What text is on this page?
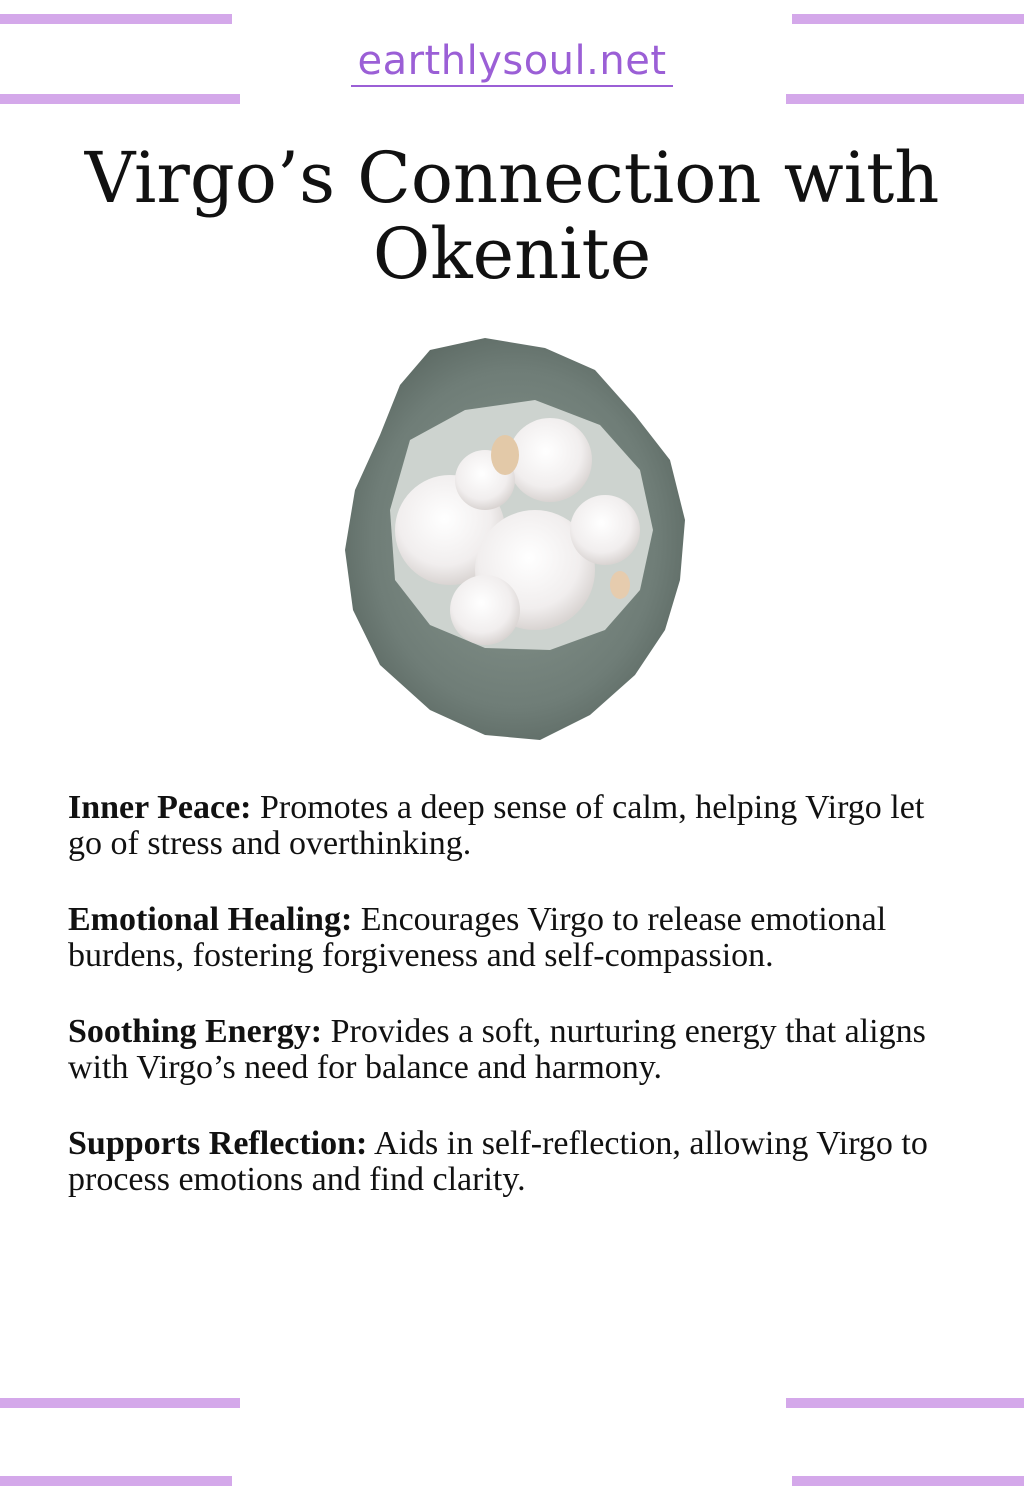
earthlysoul.net
Virgo’s Connection with
Okenite

Inner Peace: Promotes a deep sense of calm, helping Virgo let go of stress and overthinking.

Emotional Healing: Encourages Virgo to release emotional burdens, fostering forgiveness and self-compassion.

Soothing Energy: Provides a soft, nurturing energy that aligns with Virgo’s need for balance and harmony.

Supports Reflection: Aids in self-reflection, allowing Virgo to process emotions and find clarity.
